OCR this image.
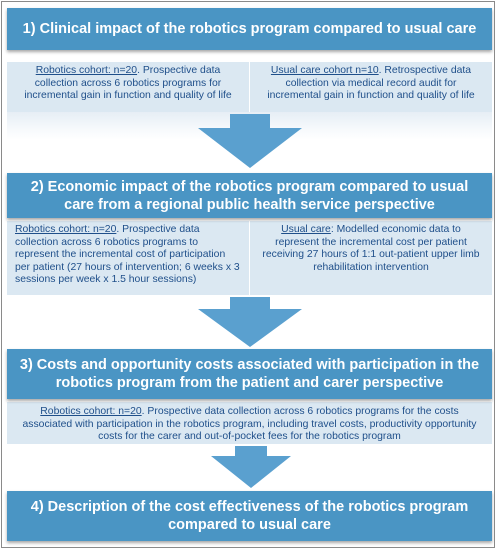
1) Clinical impact of the robotics program compared to usual care
Robotics cohort: n=20. Prospective data collection across 6 robotics programs for incremental gain in function and quality of life
Usual care cohort n=10. Retrospective data collection via medical record audit for incremental gain in function and quality of life
2) Economic impact of the robotics program compared to usual care from a regional public health service perspective
Robotics cohort: n=20. Prospective data collection across 6 robotics programs to represent the incremental cost of participation per patient (27 hours of intervention; 6 weeks x 3 sessions per week x 1.5 hour sessions)
Usual care: Modelled economic data to represent the incremental cost per patient receiving 27 hours of 1:1 out-patient upper limb rehabilitation intervention
3) Costs and opportunity costs associated with participation in the robotics program from the patient and carer perspective
Robotics cohort: n=20. Prospective data collection across 6 robotics programs for the costs associated with participation in the robotics program, including travel costs, productivity opportunity costs for the carer and out-of-pocket fees for the robotics program
4) Description of the cost effectiveness of the robotics program compared to usual care
